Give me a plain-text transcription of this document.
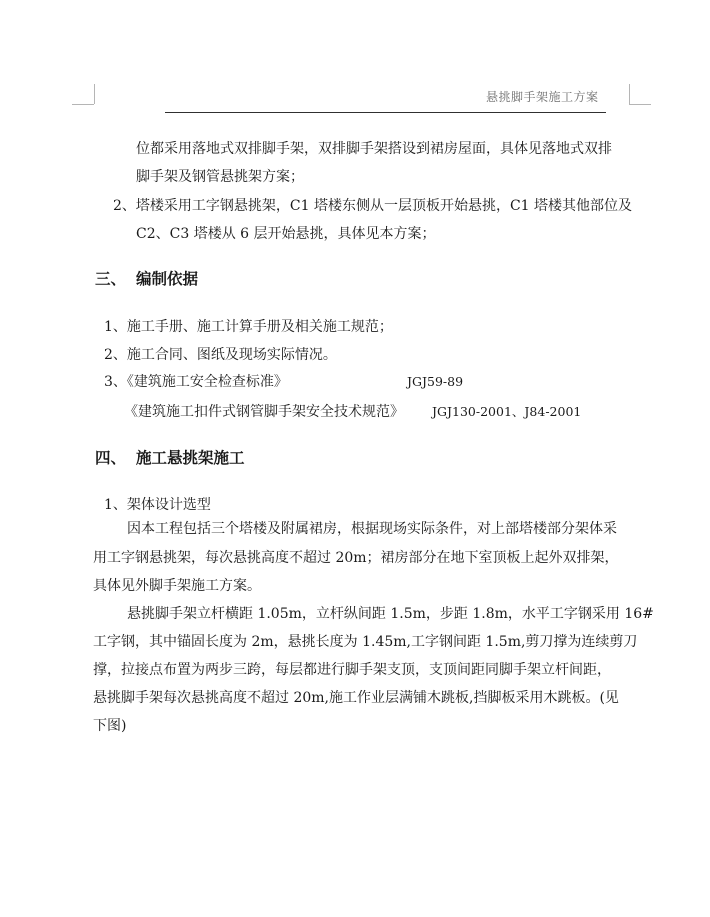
悬挑脚手架施工方案
位都采用落地式双排脚手架，双排脚手架搭设到裙房屋面，具体见落地式双排
脚手架及钢管悬挑架方案；
2、塔楼采用工字钢悬挑架，C1 塔楼东侧从一层顶板开始悬挑，C1 塔楼其他部位及
C2、C3 塔楼从 6 层开始悬挑，具体见本方案；
三、 编制依据
1、施工手册、施工计算手册及相关施工规范；
2、施工合同、图纸及现场实际情况。
3、《建筑施工安全检查标准》	JGJ59-89
《建筑施工扣件式钢管脚手架安全技术规范》 JGJ130-2001、J84-2001
四、 施工悬挑架施工
1、架体设计选型
因本工程包括三个塔楼及附属裙房，根据现场实际条件，对上部塔楼部分架体采
用工字钢悬挑架，每次悬挑高度不超过 20m；裙房部分在地下室顶板上起外双排架，
具体见外脚手架施工方案。
悬挑脚手架立杆横距 1.05m，立杆纵间距 1.5m，步距 1.8m，水平工字钢采用 16#
工字钢，其中锚固长度为 2m，悬挑长度为 1.45m,工字钢间距 1.5m,剪刀撑为连续剪刀
撑，拉接点布置为两步三跨，每层都进行脚手架支顶，支顶间距同脚手架立杆间距，
悬挑脚手架每次悬挑高度不超过 20m,施工作业层满铺木跳板,挡脚板采用木跳板。(见
下图)
